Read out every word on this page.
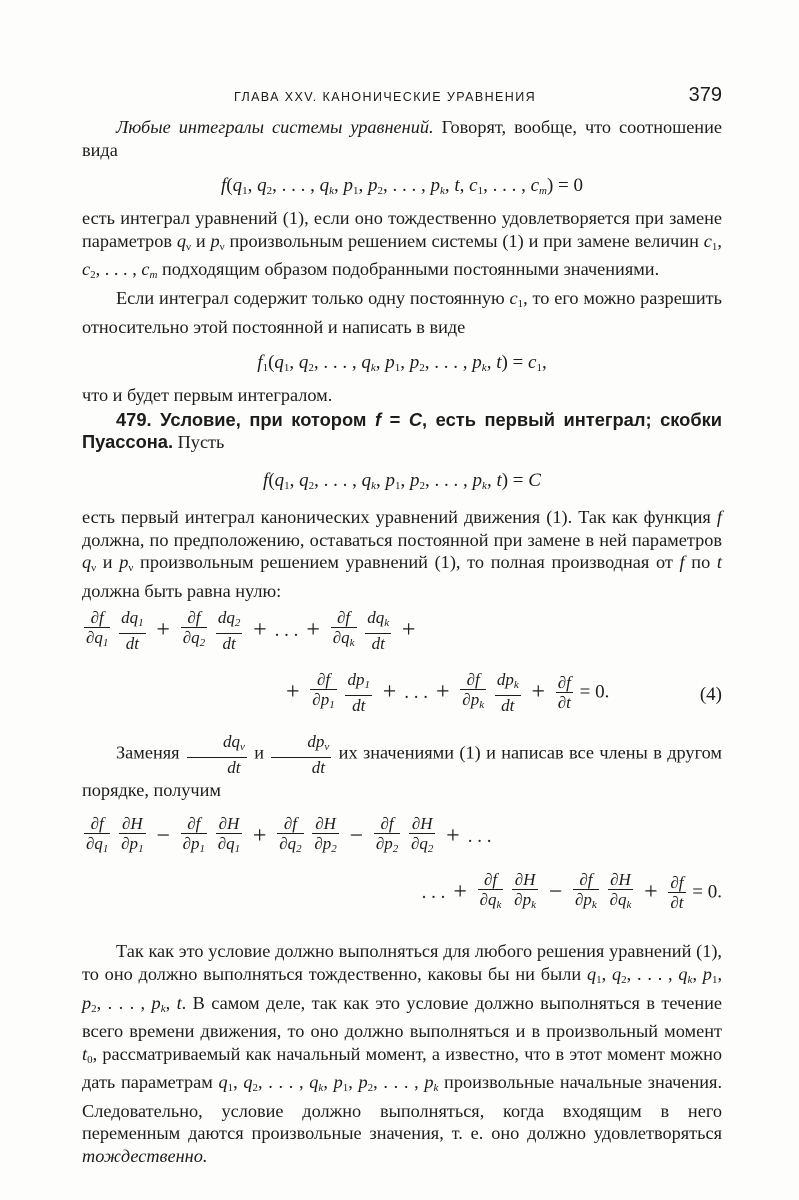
ГЛАВА XXV. КАНОНИЧЕСКИЕ УРАВНЕНИЯ	379

Любые интегралы системы уравнений. Говорят, вообще, что соотношение вида

$f(q_1$, $q_2$, . . . , $q_k$, $p_1$, $p_2$, . . . , $p_k$, t, $c_1$, . . . , $c_m) = 0$

есть интеграл уравнений (1), если оно тождественно удовлетворяется при замене параметров $q_\nu$ и $p_\nu$ произвольным решением системы (1) и при замене величин $c_1$, $c_2$, . . . , $c_m$ подходящим образом подобранными постоянными значениями.

Если интеграл содержит только одну постоянную $c_1$, то его можно разрешить относительно этой постоянной и написать в виде

$f_1(q_1$, $q_2$, . . . , $q_k$, $p_1$, $p_2$, . . . , $p_k$, $t) = c_1$,

что и будет первым интегралом.

479. Условие, при котором f = C, есть первый интеграл; скобки Пуассона. Пусть

$f(q_1$, $q_2$, . . . , $q_k$, $p_1$, $p_2$, . . . , $p_k$, t) = C

есть первый интеграл канонических уравнений движения (1). Так как функция f должна, по предположению, оставаться постоянной при замене в ней параметров $q_\nu$ и $p_\nu$ произвольным решением уравнений (1), то полная производная от f по t должна быть равна нулю:

$\frac{\partial f}{\partial q_1}$
$\frac{dq_1}{dt} + \frac{\partial f}{\partial q_2}$
$\frac{dq_2}{dt}$ + . . . + $\frac{\partial f}{\partial q_k}$
$\frac{dq_k}{dt}$ +
+ $\frac{\partial f}{\partial p_1}$
$\frac{dp_1}{dt}$ + . . . + $\frac{\partial f}{\partial p_k}$
$\frac{dp_k}{dt} + \frac{\partial f}{\partial t} = 0$.	(4)

Заменяя $\frac{dq_\nu}{dt}$ и $\frac{dp_\nu}{dt}$ их значениями (1) и написав все члены в другом порядке, получим

$\frac{\partial f}{\partial q_1}$
$\frac{\partial H}{\partial p_1} - \frac{\partial f}{\partial p_1}$
$\frac{\partial H}{\partial q_1} + \frac{\partial f}{\partial q_2}$
$\frac{\partial H}{\partial p_2} - \frac{\partial f}{\partial p_2}$
$\frac{\partial H}{\partial q_2}$ + . . .
. . . + $\frac{\partial f}{\partial q_k}$
$\frac{\partial H}{\partial p_k} - \frac{\partial f}{\partial p_k}$
$\frac{\partial H}{\partial q_k} + \frac{\partial f}{\partial t} = 0$.

Так как это условие должно выполняться для любого решения уравнений (1), то оно должно выполняться тождественно, каковы бы ни были $q_1$, $q_2$, . . . , $q_k$, $p_1$, $p_2$, . . . , $p_k$, t. В самом деле, так как это условие должно выполняться в течение всего времени движения, то оно должно выполняться и в произвольный момент $t_0$, рассматриваемый как начальный момент, а известно, что в этот момент можно дать параметрам $q_1$, $q_2$, . . . , $q_k$, $p_1$, $p_2$, . . . , $p_k$ произвольные начальные значения. Следовательно, условие должно выполняться, когда входящим в него переменным даются произвольные значения, т. е. оно должно удовлетворяться тождественно.
